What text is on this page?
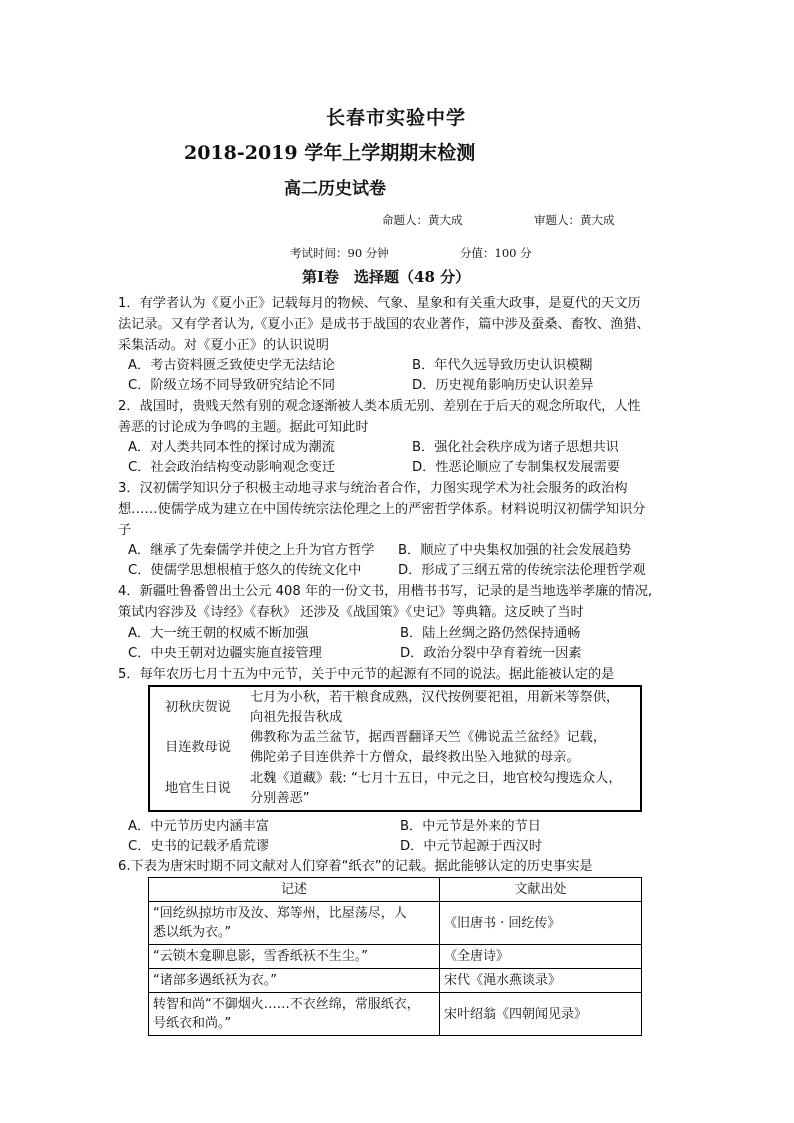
长春市实验中学
2018-2019 学年上学期期末检测
高二历史试卷
命题人：黄大成	审题人：黄大成
考试时间：90 分钟	分值：100 分
第Ⅰ卷　选择题（48 分）
1．有学者认为《夏小正》记载每月的物候、气象、星象和有关重大政事，是夏代的天文历
法记录。又有学者认为,《夏小正》是成书于战国的农业著作，篇中涉及蚕桑、畜牧、渔猎、
采集活动。对《夏小正》的认识说明
A．考古资料匮乏致使史学无法结论	B．年代久远导致历史认识模糊
C．阶级立场不同导致研究结论不同	D．历史视角影响历史认识差异
2．战国时，贵贱天然有别的观念逐渐被人类本质无别、差别在于后天的观念所取代，人性
善恶的讨论成为争鸣的主题。据此可知此时
A．对人类共同本性的探讨成为潮流	B．强化社会秩序成为诸子思想共识
C．社会政治结构变动影响观念变迁	D．性恶论顺应了专制集权发展需要
3．汉初儒学知识分子积极主动地寻求与统治者合作，力图实现学术为社会服务的政治构
想……使儒学成为建立在中国传统宗法伦理之上的严密哲学体系。材料说明汉初儒学知识分
子
A．继承了先秦儒学并使之上升为官方哲学 B．顺应了中央集权加强的社会发展趋势
C．使儒学思想根植于悠久的传统文化中	D．形成了三纲五常的传统宗法伦理哲学观
4．新疆吐鲁番曾出土公元 408 年的一份文书，用楷书书写，记录的是当地选举孝廉的情况,
策试内容涉及《诗经》《春秋》 还涉及《战国策》《史记》等典籍。这反映了当时
A．大一统王朝的权威不断加强	B．陆上丝绸之路仍然保持通畅
C．中央王朝对边疆实施直接管理	D．政治分裂中孕育着统一因素
5．每年农历七月十五为中元节，关于中元节的起源有不同的说法。据此能被认定的是
初秋庆贺说	七月为小秋，若干粮食成熟，汉代按例要祀祖，用新米等祭供，
向祖先报告秋成

目连救母说	佛教称为盂兰盆节，据西晋翻译天竺《佛说盂兰盆经》记载，
佛陀弟子目连供养十方僧众，最终救出坠入地狱的母亲。

地官生日说	北魏《道藏》载: “七月十五日，中元之日，地官校勾搜选众人，
分别善恶”
A．中元节历史内涵丰富	B．中元节是外来的节日
C．史书的记载矛盾荒谬	D．中元节起源于西汉时
6.下表为唐宋时期不同文献对人们穿着“纸衣”的记载。据此能够认定的历史事实是
记述	文献出处

“回纥纵掠坊市及汝、郑等州，比屋荡尽，人
悉以纸为衣。”	《旧唐书 · 回纥传》

“云锁木龛聊息影，雪香纸袄不生尘。”	《全唐诗》

“诸部多遇纸袄为衣。”	宋代《渑水燕谈录》

转智和尚“不御烟火……不衣丝绵，常服纸衣，
号纸衣和尚。”	宋叶绍翁《四朝闻见录》
